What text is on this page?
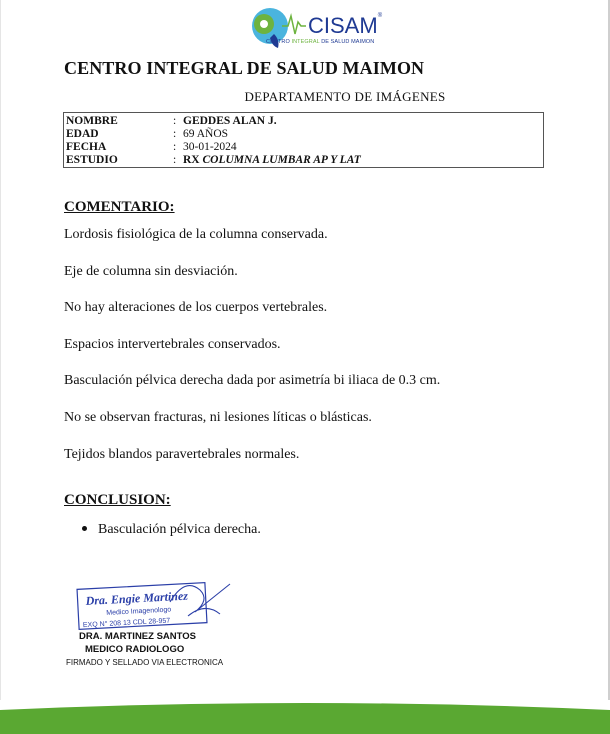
CISAM®
CENTRO INTEGRAL DE SALUD MAIMON
CENTRO INTEGRAL DE SALUD MAIMON
DEPARTAMENTO DE IMÁGENES
NOMBRE	: GEDDES ALAN J.
EDAD	: 69 AÑOS
FECHA	: 30-01-2024
ESTUDIO	: RX COLUMNA LUMBAR AP Y LAT
COMENTARIO:
Lordosis fisiológica de la columna conservada.
Eje de columna sin desviación.
No hay alteraciones de los cuerpos vertebrales.
Espacios intervertebrales conservados.
Basculación pélvica derecha dada por asimetría bi iliaca de 0.3 cm.
No se observan fracturas, ni lesiones líticas o blásticas.
Tejidos blandos paravertebrales normales.
CONCLUSION:
Basculación pélvica derecha.
Dra. Engie Martinez
Medico Imagenologo
EXQ N° 208 13 CDL 28-957
DRA. MARTINEZ SANTOS
MEDICO RADIOLOGO
FIRMADO Y SELLADO VIA ELECTRONICA
